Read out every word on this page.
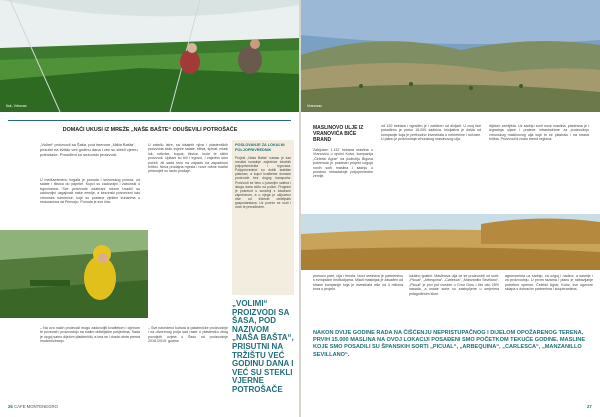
Ilok, Vrhovac
DOMAĆI UKUSI IZ MREŽE „NAŠE BAŠTE“ ODUŠEVILI POTROŠAČE
„Volimi“ proizvodi sa Šaša, pod imenom „Ništa Bašta“, prisutni na tržištu već godinu dana i već su stekli vjernu potrošače. Ponuđeni su sezonski proizvodi.
U međuvremenu bogata je ponuda i sezonskog povrća, od salate i tikvica do paprike. Kupci su zadovoljni i zabunski u trgovinama. Sve proizvode odabrani rukom izradili su zadovoljni uzgajivači naše zemlje, a sezonski posvećeni kao vrhunske namirnice, koje su poslane vještim kuharima u restoranima na Primorju. Ponuda je sve šira.
U zaleđu Istre, sa lokalnih njiva i plasteničkih proizvoda stižu svježe salate, blitva, špinat, mladi luk, rotkvice, kupus, tikvice, buće te slični proizvodi. Upitani su bili i trgovci, i zajedno smo počeli, ali sada smo na zapadu na zapadnom tržištu. Nova prodajna mjesta i nove robne marke pridonijeli su rastu prodaje.
POSLOVANJE ZA LOKALNI POLJOPRIVREDNIK
Projekt „Naša Bašta“ nastao je kao rezultat suradnje zajednice lokalnih poljoprivrednika i trgovaca. Poljoprivrednici su dobili stabilan plasman, a kupci kvalitetne domaće proizvode bez dugog transporta. Proizvodi se beru u jutarnjim satima i istoga dana stižu na police. Program je pokrenut u suradnji s lokalnom zajednicom, a u njega je uključeno više od trideset obiteljskih gospodarstava. Uz povrće se nudi i voće te prerađevine.
„VOLIMI“ PROIZVODI SA ŠASA, POD NAZIVOM „NAŠA BAŠTA“, PRISUTNI NA TRŽIŠTU VEĆ GODINU DANA I VEĆ SU STEKLI VJERNE POTROŠAČE
– Na ovo način proizvodi mogu zadovoljiti kvalitetom i cijenom te povećati i proizvodnju na malim obiteljskim posjedima. Sada je uzgoj samo dijelom plastenički, a ima se i dosta obrta prema moderniziranju.
– Sve navedeno kultura iz plasteničke proizvodnje i sa otvorenog polja sad raste u plasteniku zbog povoljnih uvjeta u Šasu od proizvodnje 2018./2019. godine.
26 CAFE MONTENEGRO
Vranovac
MASLINOVO ULJE IZ VRANOVIĆA BIĆE BRAND
Zaključen 1.157 hektara maslina u Vranoviću u općini Kotor, kompanija „Čelebić Agrar“ na području Bigova pokrenula je poseban projekt uzgoja novih sorti maslina i sadnju u prostoru nekadašnje poljoprivredne zemlje.
od 120 hektara i ograđen je i zaštićen od divljači. U ovoj fazi posađeno je preko 15.000 sadnica. Inicijativa je došla od kompanije koja je prethodno investirala u nekretnine i turizam. U planu je proizvodnja vrhunskog maslinovog ulja.
dijelom zemljišta. Uz sadnju sorti nove maslina, planirana je i izgradnja uljare i prateće infrastrukture za proizvodnju vrhunskog maslinovog ulja koje bi se plasiralo i na strana tržišta. Proizvod bi nosio brend regiona.
pomoću pare, ulja i fenola. Izvor sredstva je partnerstvo s evropskim institucijama. Mladi maslinjak je zasađen od strane kompanije koja je investirala više od 4 miliona eura u projekt.
lokalno gostini. Maslinova ulja će se proizvoditi od sorti: „Picual“, „Arbequina“, „Carlesca“, „Manzanillo Sevillano“. „Picual“ je prvi put uveden u Crnu Goru i čini oko 25% nasada, a ostale sorte su zastupljene u omjerima prilagođenim klimi.
agronomima uz sadnju, za uzgoj i nadzor, a kasnije i za proizvodnju. U prvim fazama i planu je nabavljanje potrebne opreme. Čelebić Agrar, Kotor, sve ugovore sklapa s domaćim partnerima i kooperantima.
NAKON DVIJE GODINE RADA NA ČIŠĆENJU NEPRISTUPAČNOG I DIJELOM OPOŽARENOG TERENA, PRVIH 15.000 MASLINA NA OVOJ LOKACIJI POSAĐENI SMO POČETKOM TEKUĆE GODINE. MASLINE KOJE SMO POSADILI SU ŠPANSKIH SORTI „PICUAL“, „ARBEQUINA“, „CARLESCA“, „MANZANILLO SEVILLANO“.
27
